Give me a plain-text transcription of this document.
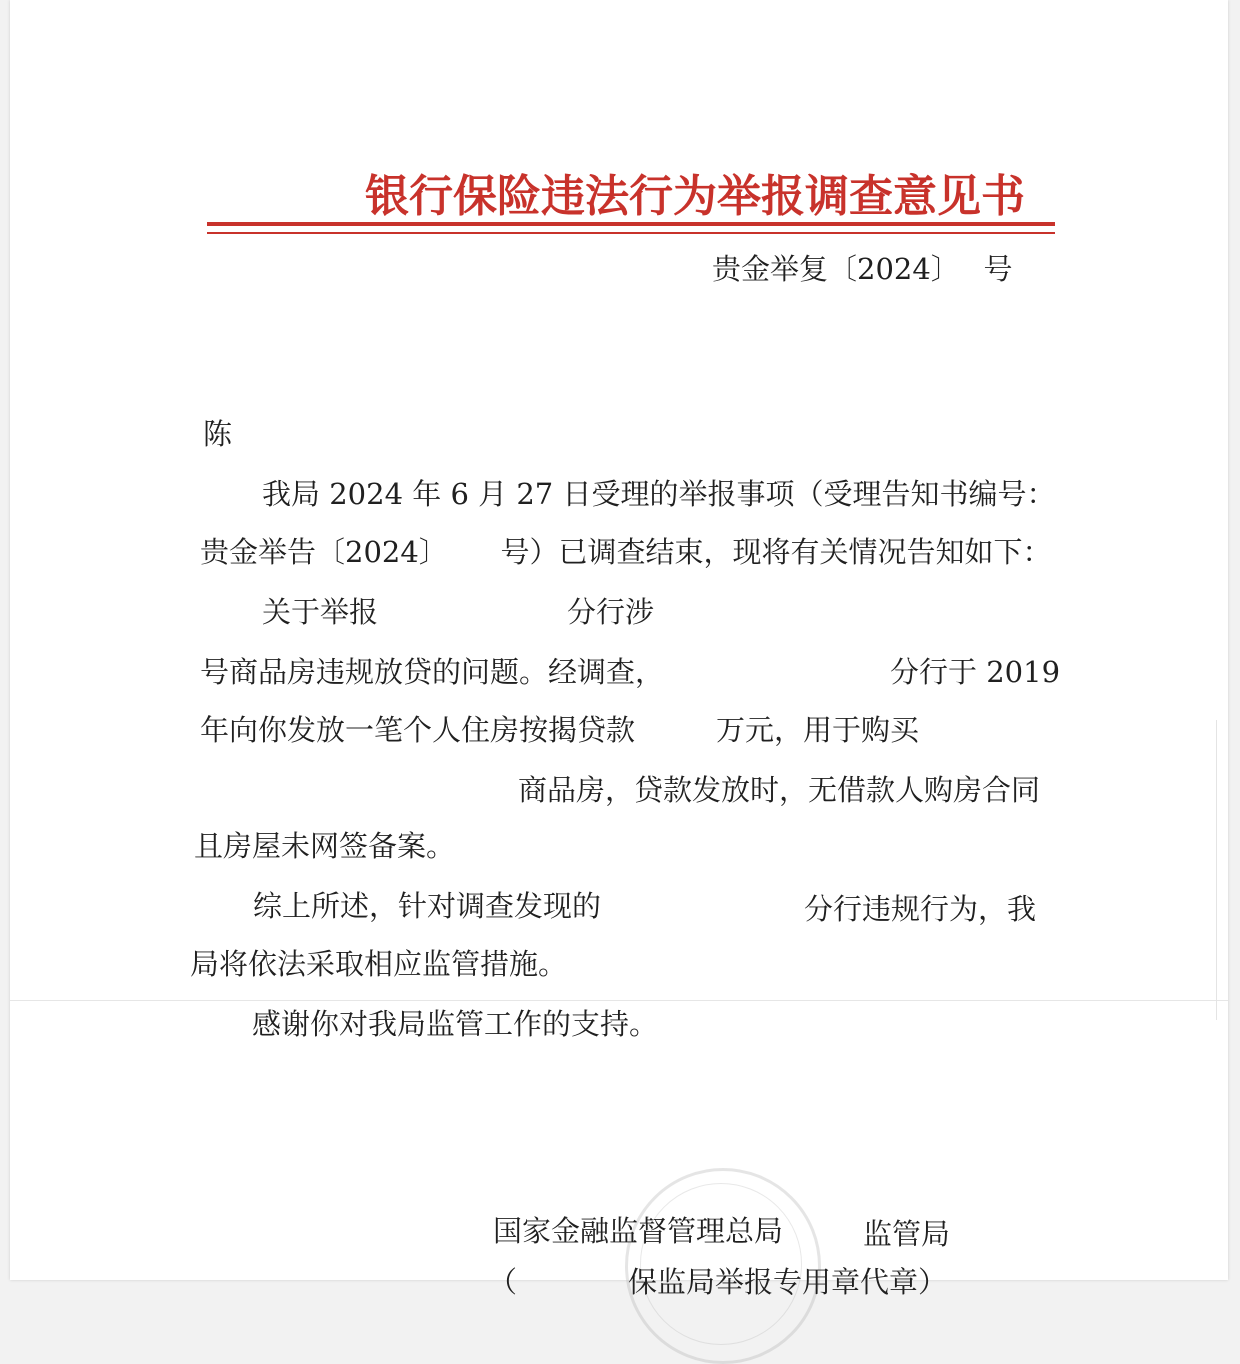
银行保险违法行为举报调查意见书
贵金举复〔2024〕　 号
陈
我局 2024 年 6 月 27 日受理的举报事项（受理告知书编号：
贵金举告〔2024〕　　 号）已调查结束，现将有关情况告知如下：
关于举报	分行涉
号商品房违规放贷的问题。经调查，	分行于 2019
年向你发放一笔个人住房按揭贷款	万元，用于购买
商品房，贷款发放时，无借款人购房合同
且房屋未网签备案。
综上所述，针对调查发现的	分行违规行为，我
局将依法采取相应监管措施。
感谢你对我局监管工作的支持。
国家金融监督管理总局	监管局
（	保监局举报专用章代章）
